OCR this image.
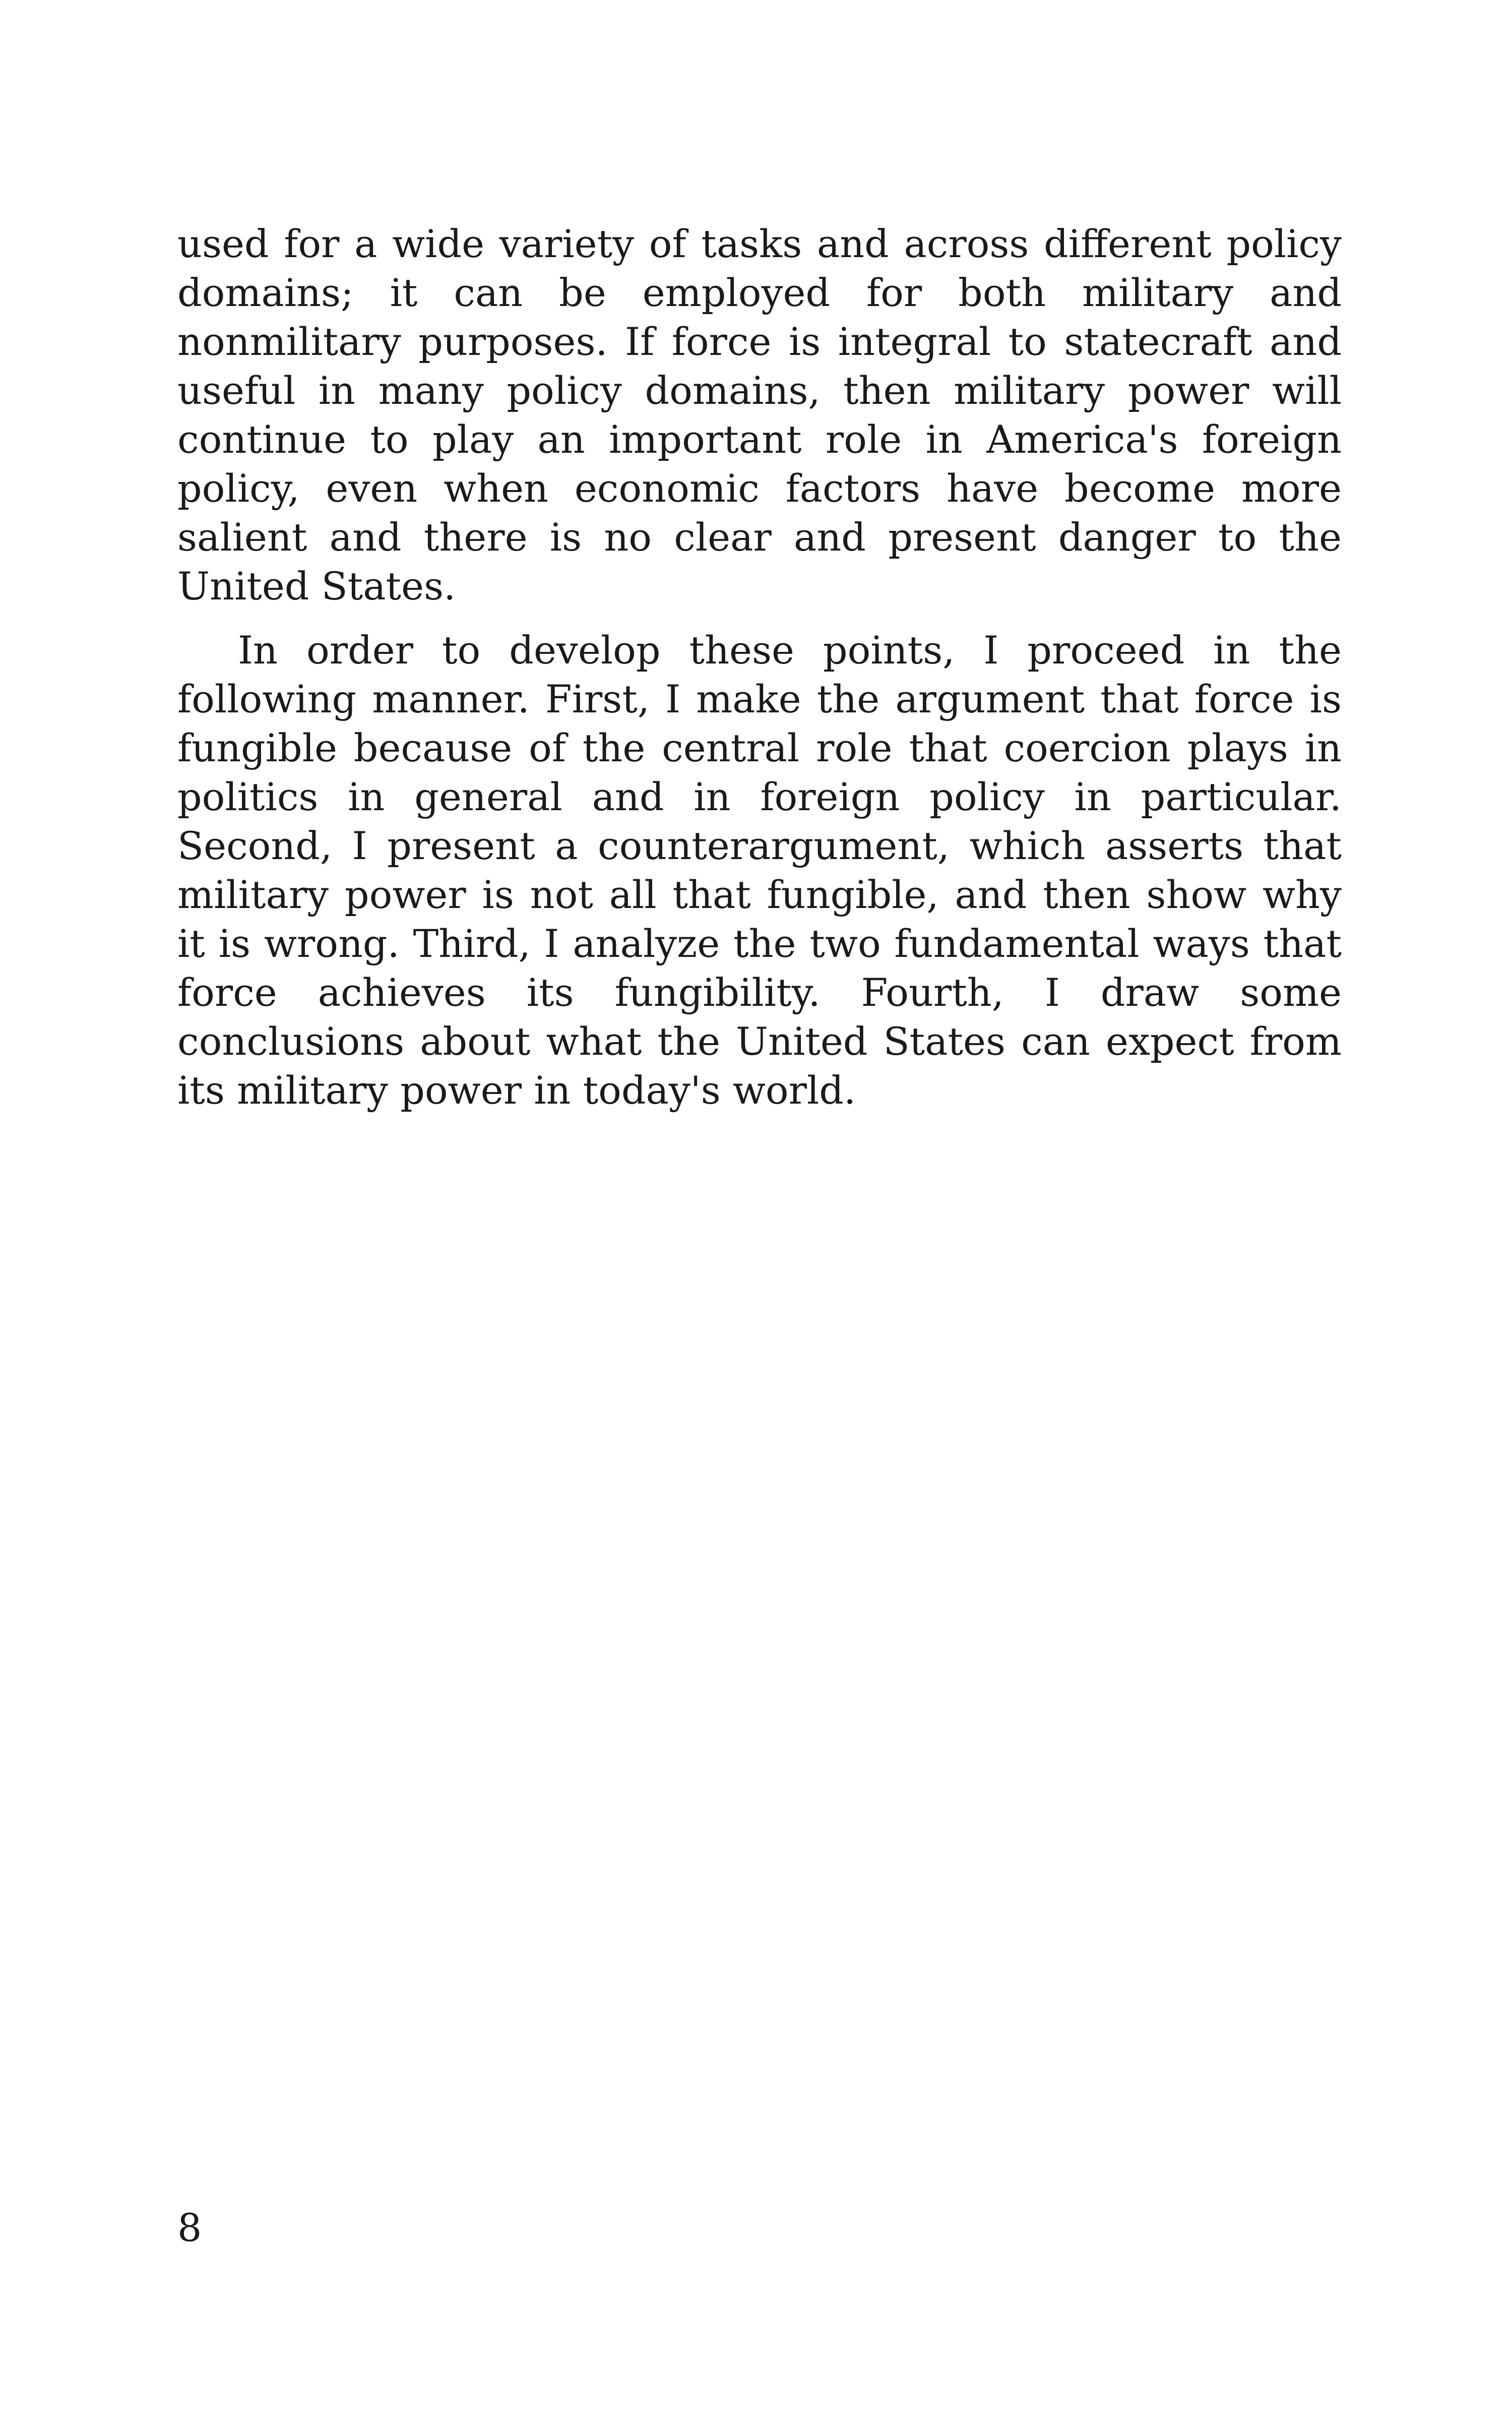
used for a wide variety of tasks and across different policy domains; it can be employed for both military and nonmilitary purposes. If force is integral to statecraft and useful in many policy domains, then military power will continue to play an important role in America's foreign policy, even when economic factors have become more salient and there is no clear and present danger to the United States.

In order to develop these points, I proceed in the following manner. First, I make the argument that force is fungible because of the central role that coercion plays in politics in general and in foreign policy in particular. Second, I present a counterargument, which asserts that military power is not all that fungible, and then show why it is wrong. Third, I analyze the two fundamental ways that force achieves its fungibility. Fourth, I draw some conclusions about what the United States can expect from its military power in today's world.

8
